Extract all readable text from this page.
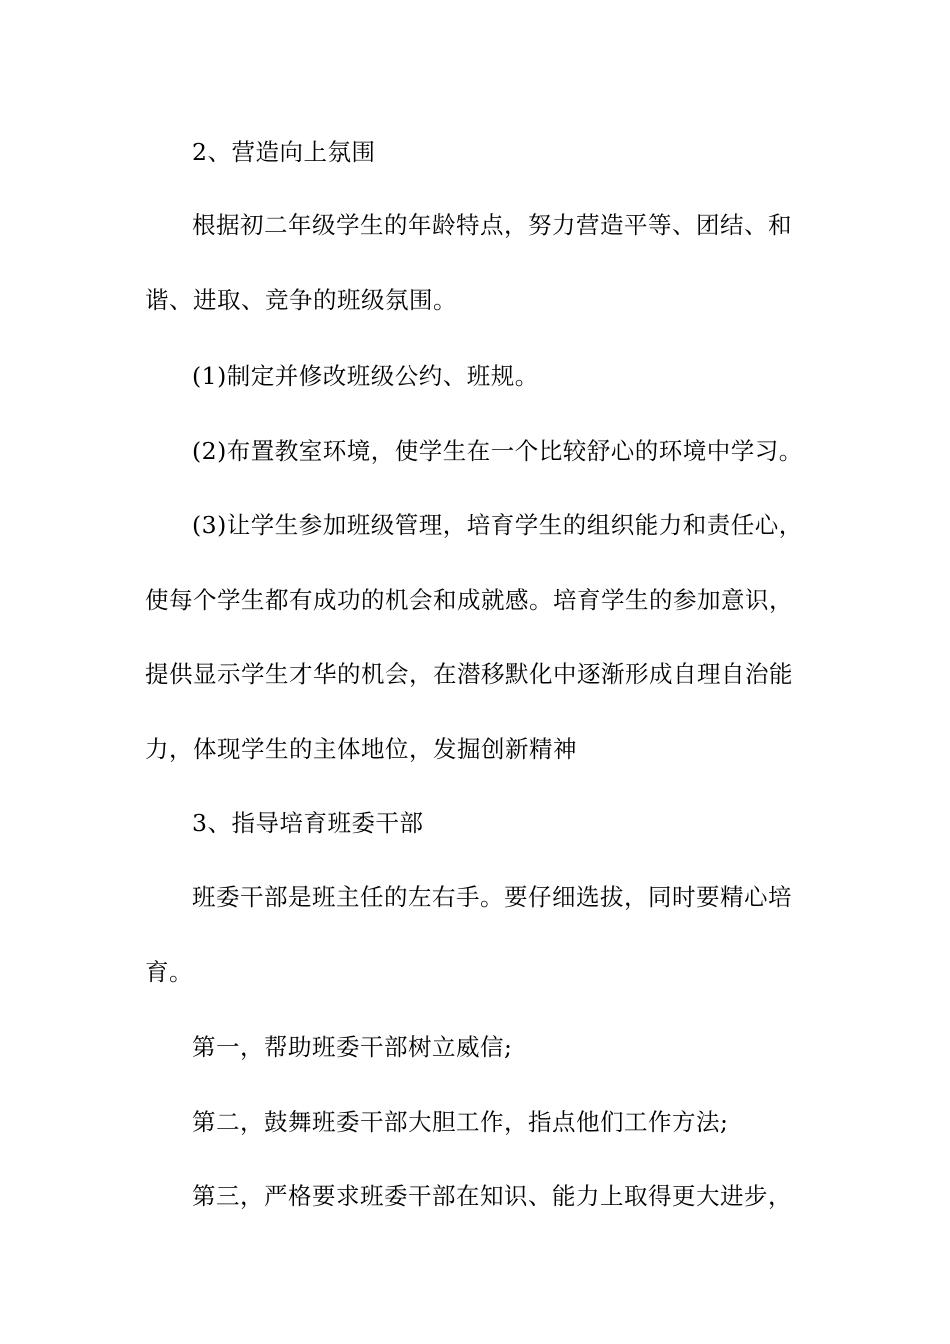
2、营造向上氛围
根据初二年级学生的年龄特点，努力营造平等、团结、和
谐、进取、竞争的班级氛围。
(1)制定并修改班级公约、班规。
(2)布置教室环境，使学生在一个比较舒心的环境中学习。
(3)让学生参加班级管理，培育学生的组织能力和责任心，
使每个学生都有成功的机会和成就感。培育学生的参加意识，
提供显示学生才华的机会，在潜移默化中逐渐形成自理自治能
力，体现学生的主体地位，发掘创新精神
3、指导培育班委干部
班委干部是班主任的左右手。要仔细选拔，同时要精心培
育。
第一，帮助班委干部树立威信;
第二，鼓舞班委干部大胆工作，指点他们工作方法;
第三，严格要求班委干部在知识、能力上取得更大进步，
